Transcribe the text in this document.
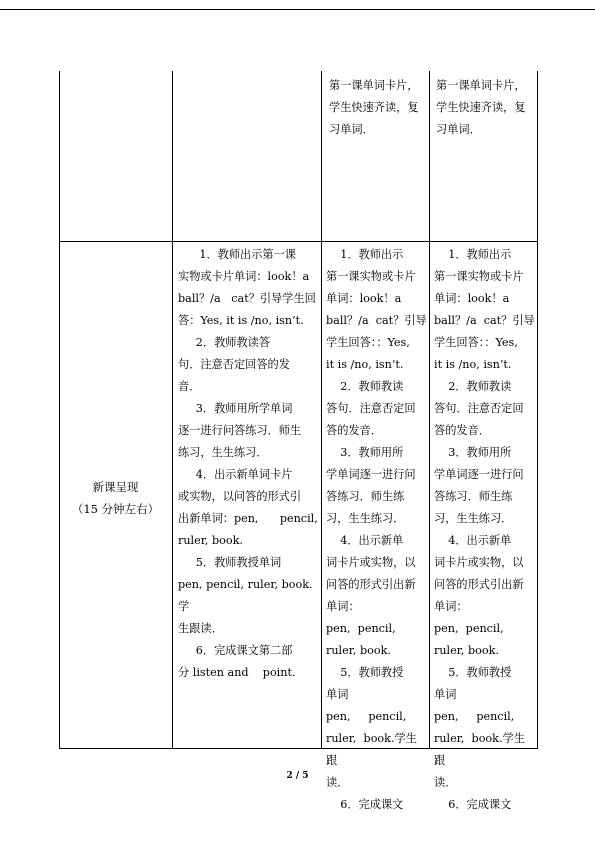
第一课单词卡片，

学生快速齐读，复

习单词．

第一课单词卡片，

学生快速齐读，复

习单词．

新课呈现

（15 分钟左右）

1．教师出示第一课

实物或卡片单词：look！a

ball？/a   cat？引导学生回

答：Yes, it is /no, isn’t.

2．教师教读答

句．注意否定回答的发

音．

3．教师用所学单词

逐一进行问答练习．师生

练习，生生练习．

4．出示新单词卡片

或实物，以问答的形式引

出新单词：pen,      pencil,

ruler, book.

5．教师教授单词

pen, pencil, ruler, book.学

生跟读．

6．完成课文第二部

分 listen and    point.

1．教师出示

第一课实物或卡片

单词：look！a

ball？/a  cat？引导

学生回答：：Yes,

it is /no, isn’t.

2．教师教读

答句．注意否定回

答的发音．

3．教师用所

学单词逐一进行问

答练习．师生练

习，生生练习．

4．出示新单

词卡片或实物，以

问答的形式引出新

单词：pen,  pencil,

ruler, book.

5．教师教授

单词 pen,     pencil,

ruler,  book.学生跟

读．

6．完成课文

1．教师出示

第一课实物或卡片

单词：look！a

ball？/a  cat？引导

学生回答：：Yes,

it is /no, isn’t.

2．教师教读

答句．注意否定回

答的发音．

3．教师用所

学单词逐一进行问

答练习．师生练

习，生生练习．

4．出示新单

词卡片或实物，以

问答的形式引出新

单词：pen,  pencil,

ruler, book.

5．教师教授

单词 pen,     pencil,

ruler,  book.学生跟

读．

6．完成课文

2 / 5
